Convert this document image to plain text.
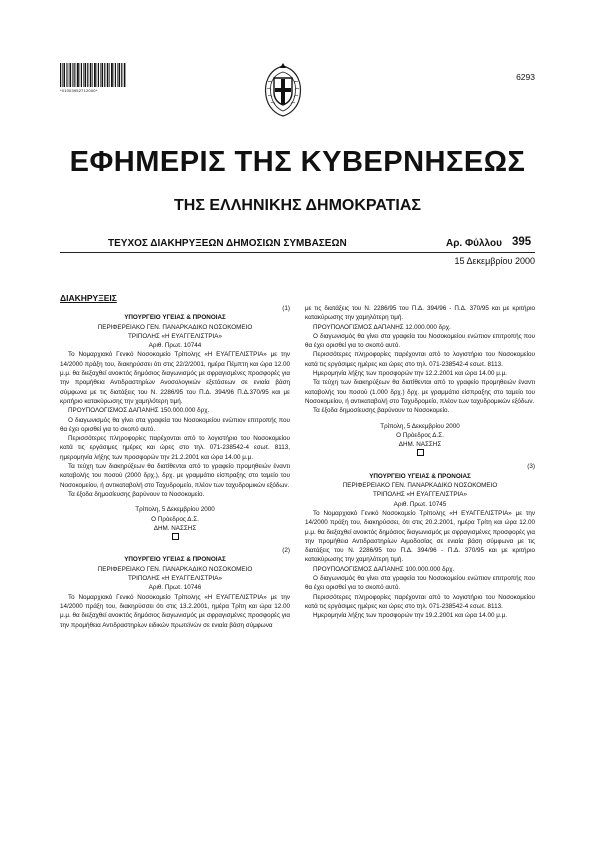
*01003952712000*
6293
ΕΦΗΜΕΡΙΣ ΤΗΣ ΚΥΒΕΡΝΗΣΕΩΣ
ΤΗΣ ΕΛΛΗΝΙΚΗΣ ΔΗΜΟΚΡΑΤΙΑΣ
ΤΕΥΧΟΣ ΔΙΑΚΗΡΥΞΕΩΝ ΔΗΜΟΣΙΩΝ ΣΥΜΒΑΣΕΩΝ	Αρ. Φύλλου 395
15 Δεκεμβρίου 2000

ΔΙΑΚΗΡΥΞΕΙΣ

(1)

ΥΠΟΥΡΓΕΙΟ ΥΓΕΙΑΣ & ΠΡΟΝΟΙΑΣ

ΠΕΡΙΦΕΡΕΙΑΚΟ ΓΕΝ. ΠΑΝΑΡΚΑΔΙΚΟ ΝΟΣΟΚΟΜΕΙΟ

ΤΡΙΠΟΛΗΣ «Η ΕΥΑΓΓΕΛΙΣΤΡΙΑ»

Αριθ. Πρωτ. 10744

Το Νομαρχιακό Γενικό Νοσοκομείο Τρίπολης «Η ΕΥΑΓΓΕΛΙΣΤΡΙΑ» με την 14/2000 πράξη του, διακηρύσσει ότι στις 22/2/2001, ημέρα Πέμπτη και ώρα 12.00 μ.μ. θα διεξαχθεί ανοικτός δημόσιος διαγωνισμός με σφραγισμένες προσφορές για την προμήθεια Αντιδραστηρίων Ανοσολογικών εξετάσεων σε ενιαία βάση σύμφωνα με τις διατάξεις του Ν. 2286/95 του Π.Δ. 394/96 Π.Δ.370/95 και με κριτήριο κατακύρωσης την χαμηλότερη τιμή.

ΠΡΟΥΠΟΛΟΓΙΣΜΟΣ ΔΑΠΑΝΗΣ 150.000.000 δρχ.

Ο διαγωνισμός θα γίνει στα γραφεία του Νοσοκομείου ενώπιον επιτροπής που θα έχει ορισθεί για το σκοπό αυτό.

Περισσότερες πληροφορίες παρέχονται από το λογιστήριο του Νοσοκομείου κατά τις εργάσιμες ημέρες και ώρες στο τηλ. 071-238542-4 εσωτ. 8113, ημερομηνία λήξης των προσφορών την 21.2.2001 και ώρα 14.00 μ.μ.

Τα τεύχη των διακηρύξεων θα διατίθενται από το γραφείο προμηθειών έναντι καταβολής του ποσού (2000 δρχ.), δρχ. με γραμμάτιο είσπραξης στο ταμείο του Νοσοκομείου, ή αντικαταβολή στο Ταχυδρομείο, πλέον των ταχυδρομικών εξόδων.

Τα έξοδα δημοσίευσης βαρύνουν το Νοσοκομείο.

Τρίπολη, 5 Δεκεμβρίου 2000

Ο Πρόεδρος Δ.Σ.

ΔΗΜ. ΝΑΣΣΗΣ

(2)

ΥΠΟΥΡΓΕΙΟ ΥΓΕΙΑΣ & ΠΡΟΝΟΙΑΣ

ΠΕΡΙΦΕΡΕΙΑΚΟ ΓΕΝ. ΠΑΝΑΡΚΑΔΙΚΟ ΝΟΣΟΚΟΜΕΙΟ

ΤΡΙΠΟΛΗΣ «Η ΕΥΑΓΓΕΛΙΣΤΡΙΑ»

Αριθ. Πρωτ. 10746

Το Νομαρχιακό Γενικό Νοσοκομείο Τρίπολης «Η ΕΥΑΓΓΕΛΙΣΤΡΙΑ» με την 14/2000 πράξη του, διακηρύσσει ότι στις 13.2.2001, ημέρα Τρίτη και ώρα 12.00 μ.μ. θα διεξαχθεί ανοικτός δημόσιος διαγωνισμός με σφραγισμένες προσφορές για την προμήθεια Αντιδραστηρίων ειδικών πρωτεϊνών σε ενιαία βάση σύμφωνα

με τις διατάξεις του Ν. 2286/95 του Π.Δ. 394/96 - Π.Δ. 370/95 και με κριτήριο κατακύρωσης την χαμηλότερη τιμή.

ΠΡΟΥΠΟΛΟΓΙΣΜΟΣ ΔΑΠΑΝΗΣ 12.000.000 δρχ.

Ο διαγωνισμός θα γίνει στα γραφεία του Νοσοκομείου ενώπιον επιτροπής που θα έχει ορισθεί για το σκοπό αυτό.

Περισσότερες πληροφορίες παρέχονται από το λογιστήριο του Νοσοκομείου κατά τις εργάσιμες ημέρες και ώρες στο τηλ. 071-238542-4 εσωτ. 8113.

Ημερομηνία λήξης των προσφορών την 12.2.2001 και ώρα 14.00 μ.μ.

Τα τεύχη των διακηρύξεων θα διατίθενται από το γραφείο προμηθειών έναντι καταβολής του ποσού (1.000 δρχ.) δρχ. με γραμμάτιο είσπραξης στο ταμείο του Νοσοκομείου, ή αντικαταβολή στο Ταχυδρομείο, πλέον των ταχυδρομικών εξόδων.

Τα έξοδα δημοσίευσης βαρύνουν το Νοσοκομείο.

Τρίπολη, 5 Δεκεμβρίου 2000

Ο Πρόεδρος Δ.Σ.

ΔΗΜ. ΝΑΣΣΗΣ

(3)

ΥΠΟΥΡΓΕΙΟ ΥΓΕΙΑΣ & ΠΡΟΝΟΙΑΣ

ΠΕΡΙΦΕΡΕΙΑΚΟ ΓΕΝ. ΠΑΝΑΡΚΑΔΙΚΟ ΝΟΣΟΚΟΜΕΙΟ

ΤΡΙΠΟΛΗΣ «Η ΕΥΑΓΓΕΛΙΣΤΡΙΑ»

Αριθ. Πρωτ. 10745

Το Νομαρχιακό Γενικό Νοσοκομείο Τρίπολης «Η ΕΥΑΓΓΕΛΙΣΤΡΙΑ» με την 14/2000 πράξη του, διακηρύσσει, ότι στις 20.2.2001, ημέρα Τρίτη και ώρα 12.00 μ.μ. θα διεξαχθεί ανοικτός δημόσιος διαγωνισμός με σφραγισμένες προσφορές για την προμήθεια Αντιδραστηρίων Αιμοδοσίας σε ενιαία βάση σύμφωνα με τις διατάξεις του Ν. 2286/95 του Π.Δ. 394/96 - Π.Δ. 370/95 και με κριτήριο κατακύρωσης την χαμηλότερη τιμή.

ΠΡΟΥΠΟΛΟΓΙΣΜΟΣ ΔΑΠΑΝΗΣ 100.000.000 δρχ.

Ο διαγωνισμός θα γίνει στα γραφεία του Νοσοκομείου ενώπιον επιτροπής που θα έχει ορισθεί για το σκοπό αυτό.

Περισσότερες πληροφορίες παρέχονται από το λογιστήριο του Νοσοκομείου κατά τις εργάσιμες ημέρες και ώρες στο τηλ. 071-238542-4 εσωτ. 8113.

Ημερομηνία λήξης των προσφορών την 19.2.2001 και ώρα 14.00 μ.μ.
